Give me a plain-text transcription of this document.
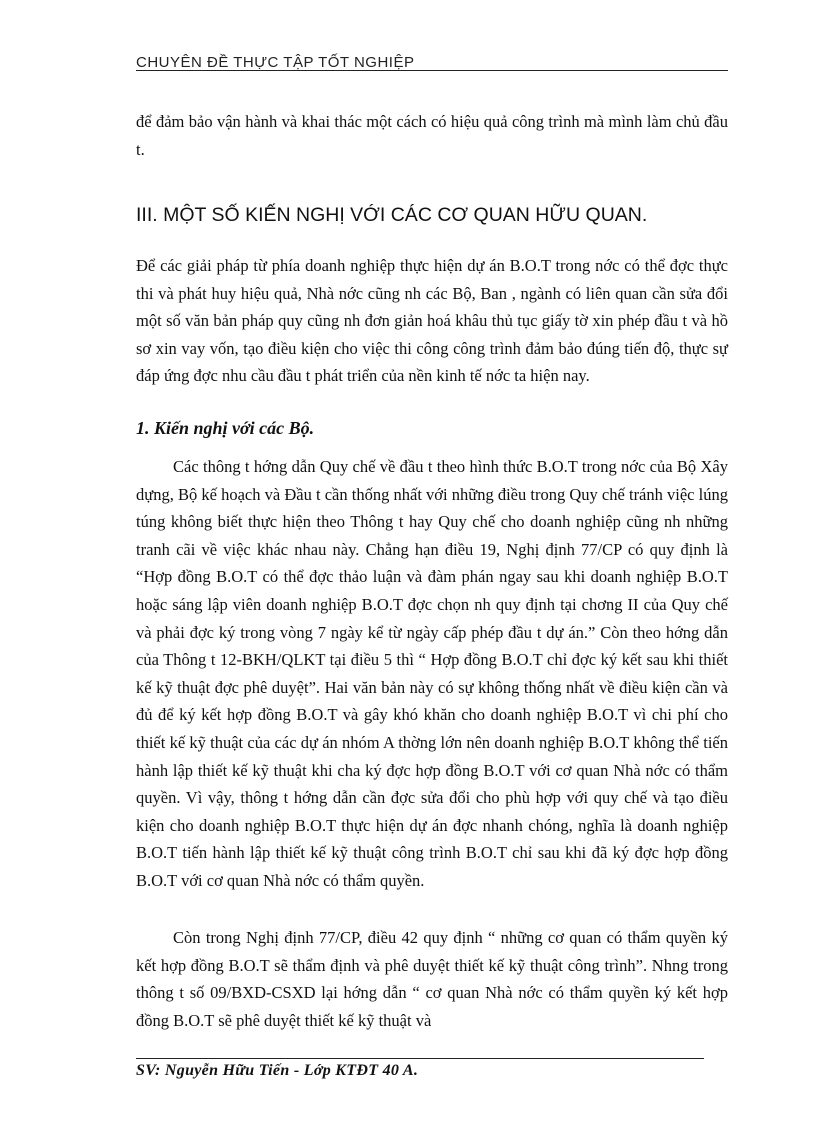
CHUYÊN ĐỀ THỰC TẬP TỐT NGHIỆP

để đảm bảo vận hành và khai thác một cách có hiệu quả công trình mà mình làm chủ đầu t.

III. MỘT SỐ KIẾN NGHỊ VỚI CÁC CƠ QUAN HỮU QUAN.

Để các giải pháp từ phía doanh nghiệp thực hiện dự án B.O.T trong nớc có thể đợc thực thi và phát huy hiệu quả, Nhà nớc cũng nh các Bộ, Ban , ngành có liên quan cần sửa đổi một số văn bản pháp quy cũng nh đơn giản hoá khâu thủ tục giấy tờ xin phép đầu t và hồ sơ xin vay vốn, tạo điều kiện cho việc thi công công trình đảm bảo đúng tiến độ, thực sự đáp ứng đợc nhu cầu đầu t phát triển của nền kinh tế nớc ta hiện nay.

1. Kiến nghị với các Bộ.

Các thông t hớng dẫn Quy chế về đầu t theo hình thức B.O.T trong nớc của Bộ Xây dựng, Bộ kế hoạch và Đầu t cần thống nhất với những điều trong Quy chế tránh việc lúng túng không biết thực hiện theo Thông t hay Quy chế cho doanh nghiệp cũng nh những tranh cãi về việc khác nhau này. Chẳng hạn điều 19, Nghị định 77/CP có quy định là “Hợp đồng B.O.T có thể đợc thảo luận và đàm phán ngay sau khi doanh nghiệp B.O.T hoặc sáng lập viên doanh nghiệp B.O.T đợc chọn nh quy định tại chơng II của Quy chế và phải đợc ký trong vòng 7 ngày kể từ ngày cấp phép đầu t dự án.” Còn theo hớng dẫn của Thông t 12-BKH/QLKT tại điều 5 thì “ Hợp đồng B.O.T chỉ đợc ký kết sau khi thiết kế kỹ thuật đợc phê duyệt”. Hai văn bản này có sự không thống nhất về điều kiện cần và đủ để ký kết hợp đồng B.O.T và gây khó khăn cho doanh nghiệp B.O.T vì chi phí cho thiết kế kỹ thuật của các dự án nhóm A thờng lớn nên doanh nghiệp B.O.T không thể tiến hành lập thiết kế kỹ thuật khi cha ký đợc hợp đồng B.O.T với cơ quan Nhà nớc có thẩm quyền. Vì vậy, thông t hớng dẫn cần đợc sửa đổi cho phù hợp với quy chế và tạo điều kiện cho doanh nghiệp B.O.T thực hiện dự án đợc nhanh chóng, nghĩa là doanh nghiệp B.O.T tiến hành lập thiết kế kỹ thuật công trình B.O.T chỉ sau khi đã ký đợc hợp đồng B.O.T với cơ quan Nhà nớc có thẩm quyền.

Còn trong Nghị định 77/CP, điều 42 quy định “ những cơ quan có thẩm quyền ký kết hợp đồng B.O.T sẽ thẩm định và phê duyệt thiết kế kỹ thuật công trình”. Nhng trong thông t số 09/BXD-CSXD lại hớng dẫn “ cơ quan Nhà nớc có thẩm quyền ký kết hợp đồng B.O.T sẽ phê duyệt thiết kế kỹ thuật và

SV: Nguyễn Hữu Tiến - Lớp KTĐT 40 A.
